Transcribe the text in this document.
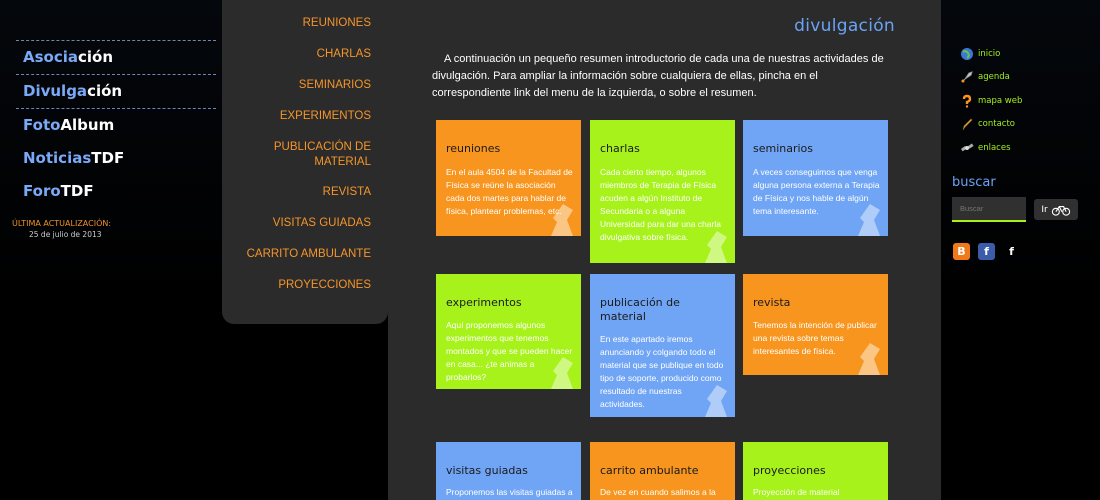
Asociación
Divulgación
FotoAlbum
NoticiasTDF
ForoTDF
ÚLTIMA ACTUALIZACIÓN:
25 de julio de 2013
REUNIONES
CHARLAS
SEMINARIOS
EXPERIMENTOS
PUBLICACIÓN DE MATERIAL
REVISTA
VISITAS GUIADAS
CARRITO AMBULANTE
PROYECCIONES
divulgación
A continuación un pequeño resumen introductorio de cada una de nuestras actividades de divulgación. Para ampliar la información sobre cualquiera de ellas, pincha en el correspondiente link del menu de la izquierda, o sobre el resumen.
reuniones
En el aula 4504 de la Facultad de Física se reúne la asociación cada dos martes para hablar de física, plantear problemas, etc.
charlas
Cada cierto tiempo, algunos miembros de Terapia de Física acuden a algún Instituto de Secundaria o a alguna Universidad para dar una charla divulgativa sobre física.
seminarios
A veces conseguimos que venga alguna persona externa a Terapia de Física y nos hable de algún tema interesante.
experimentos
Aquí proponemos algunos experimentos que tenemos montados y que se pueden hacer en casa... ¿te animas a probarlos?
publicación de material
En este apartado iremos anunciando y colgando todo el material que se publique en todo tipo de soporte, producido como resultado de nuestras actividades.
revista
Tenemos la intención de publicar una revista sobre temas interesantes de física.
visitas guiadas
Proponemos las visitas guiadas a
carrito ambulante
De vez en cuando salimos a la
proyecciones
Proyección de material
inicio
agenda
mapa web
contacto
enlaces
buscar
Buscar
Ir
B	f	f
